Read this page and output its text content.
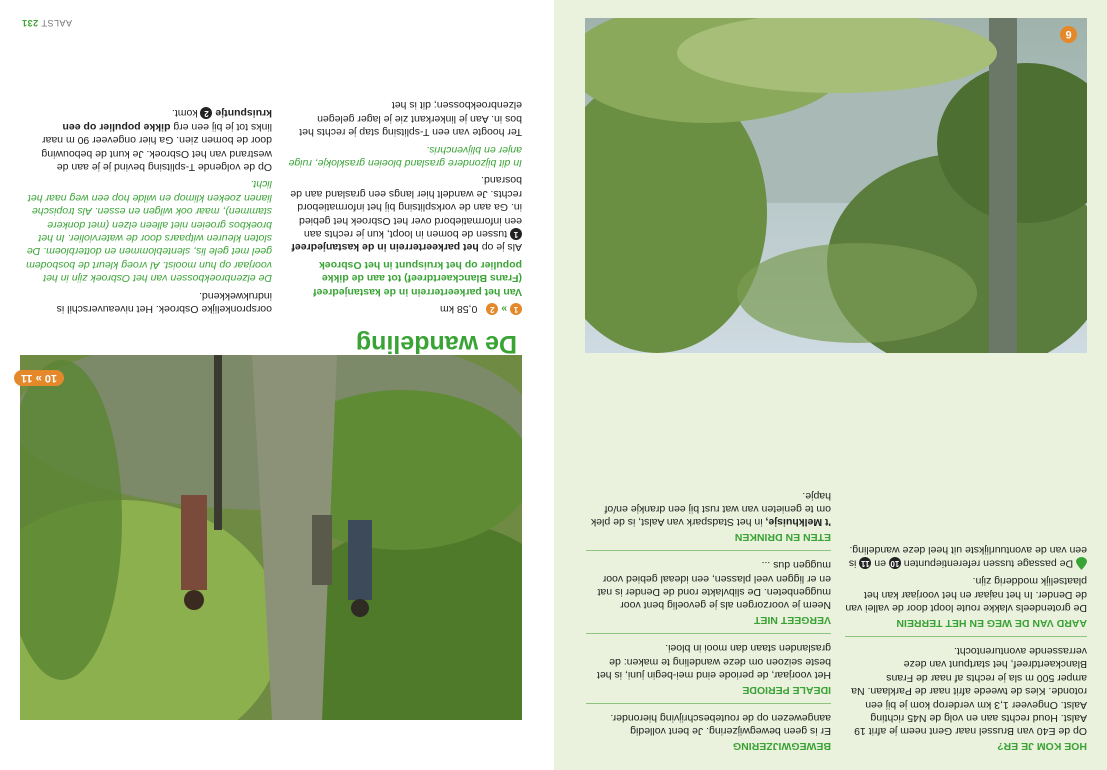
6
HOE KOM JE ER?

Op de E40 van Brussel naar Gent neem je afrit 19 Aalst. Houd rechts aan en volg de N45 richting Aalst. Ongeveer 1,3 km verderop kom je bij een rotonde. Kies de tweede afrit naar de Parklaan. Na amper 500 m sla je rechts af naar de Frans Blanckaertdreef, het startpunt van deze verrassende avonturentocht.

AARD VAN DE WEG EN HET TERREIN

De grotendeels vlakke route loopt door de vallei van de Dender. In het najaar en het voorjaar kan het plaatselijk modderig zijn.

De passage tussen referentiepunten 10 en 11 is een van de avontuurlijkste uit heel deze wandeling.

BEWEGWIJZERING

Er is geen bewegwijzering. Je bent volledig aangewezen op de routebeschrijving hieronder.

IDEALE PERIODE

Het voorjaar, de periode eind mei-begin juni, is het beste seizoen om deze wandeling te maken: de graslanden staan dan mooi in bloei.

VERGEET NIET

Neem je voorzorgen als je gevoelig bent voor muggenbeten. De slibvlakte rond de Dender is nat en er liggen veel plassen, een ideaal gebied voor muggen dus ...

ETEN EN DRINKEN

't Melkhuisje, in het Stadspark van Aalst, is de plek om te genieten van wat rust bij een drankje en/of hapje.

10 » 11
De wandeling

1 » 2 0,58 km

Van het parkeerterrein in de kastanjedreef (Frans Blanckaertdreef) tot aan de dikke populier op het kruispunt in het Osbroek

Als je op het parkeerterrein in de kastanjedreef 1 tussen de bomen in loopt, kun je rechts aan een informatiebord over het Osbroek het gebied in. Ga aan de vorksplitsing bij het informatiebord rechts. Je wandelt hier langs een grasland aan de bosrand.

In dit bijzondere grasland bloeien grasklokje, ruige anjer en blijvenchris.

Ter hoogte van een T-splitsing stap je rechts het bos in. Aan je linkerkant zie je lager gelegen elzenbroekbossen; dit is het

oorspronkelijke Osbroek. Het niveauverschil is indrukwekkend.

De elzenbroekbossen van het Osbroek zijn in het voorjaar op hun mooist. Al vroeg kleurt de bosbodem geel met gele lis, slenteblommen en dotterbloem. De sloten kleuren witpaars door de waterviolier. In het broekbos groeien niet alleen elzen (met donkere stammen), maar ook wilgen en essen. Als tropische lianen zoeken klimop en wilde hop een weg naar het licht.

Op de volgende T-splitsing bevind je je aan de westrand van het Osbroek. Je kunt de bebouwing door de bomen zien. Ga hier ongeveer 90 m naar links tot je bij een erg dikke populier op een kruispuntje 2 komt.

AALST 231
